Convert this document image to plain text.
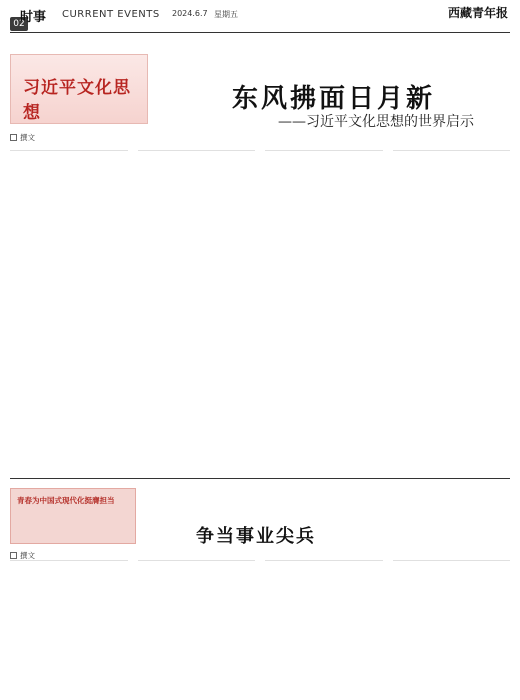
02
时事 CURRENT EVENTS 2024.6.7 星期五	西藏青年报
习近平文化思想	东风拂面日月新
——习近平文化思想的世界启示
撰文
青春为中国式现代化挺膺担当
争当事业尖兵
撰文
